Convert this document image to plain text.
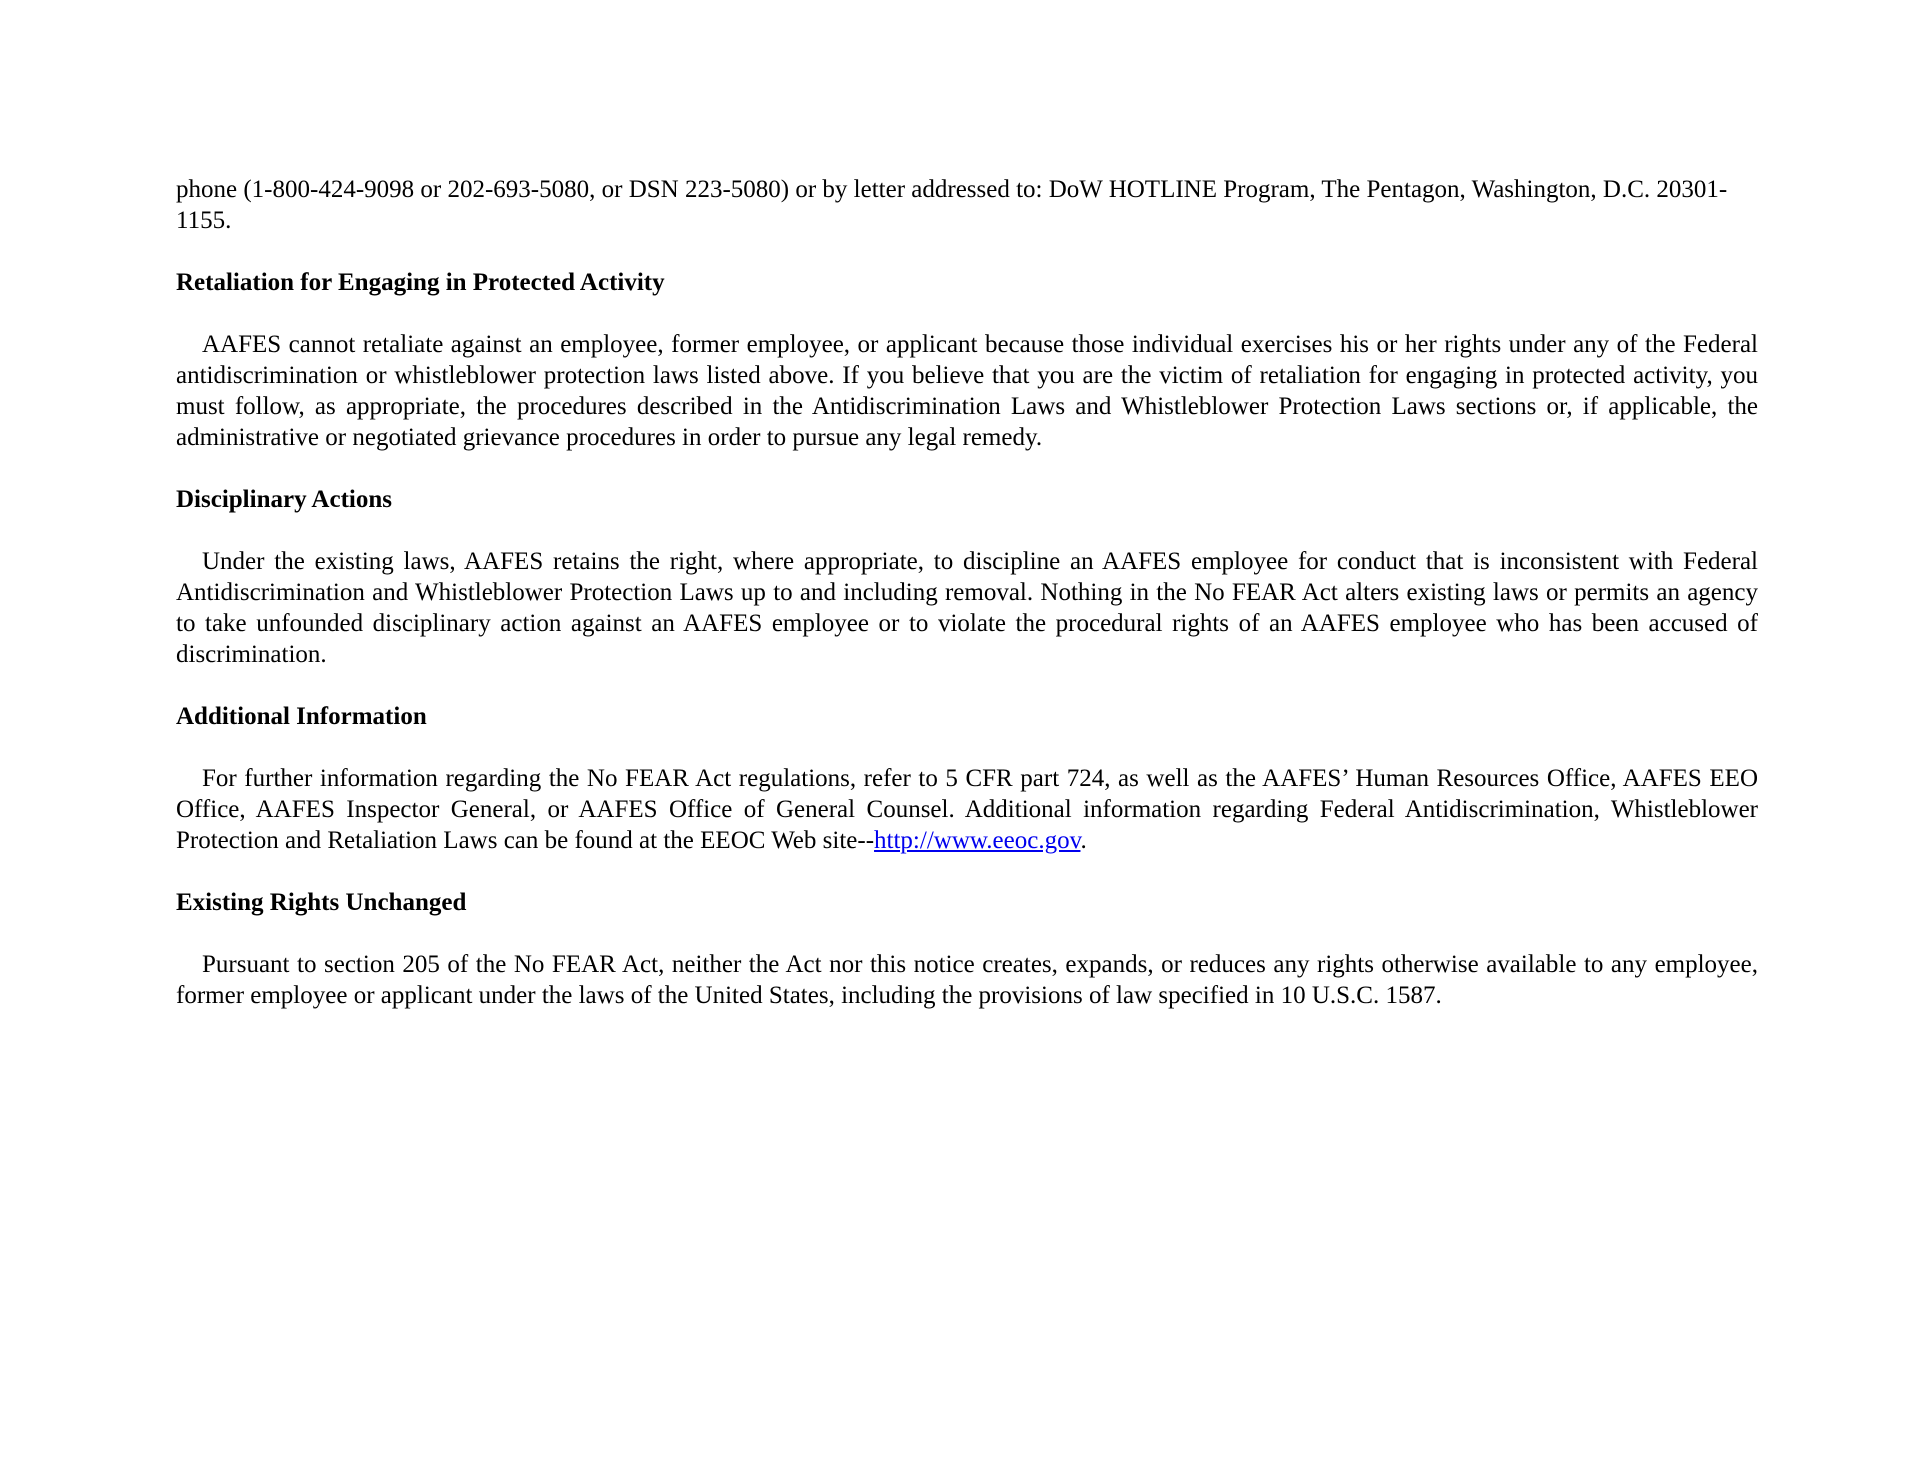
phone (1-800-424-9098 or 202-693-5080, or DSN 223-5080) or by letter addressed to: DoW HOTLINE Program, The Pentagon, Washington, D.C. 20301-1155.

Retaliation for Engaging in Protected Activity

AAFES cannot retaliate against an employee, former employee, or applicant because those individual exercises his or her rights under any of the Federal antidiscrimination or whistleblower protection laws listed above. If you believe that you are the victim of retaliation for engaging in protected activity, you must follow, as appropriate, the procedures described in the Antidiscrimination Laws and Whistleblower Protection Laws sections or, if applicable, the administrative or negotiated grievance procedures in order to pursue any legal remedy.

Disciplinary Actions

Under the existing laws, AAFES retains the right, where appropriate, to discipline an AAFES employee for conduct that is inconsistent with Federal Antidiscrimination and Whistleblower Protection Laws up to and including removal. Nothing in the No FEAR Act alters existing laws or permits an agency to take unfounded disciplinary action against an AAFES employee or to violate the procedural rights of an AAFES employee who has been accused of discrimination.

Additional Information

For further information regarding the No FEAR Act regulations, refer to 5 CFR part 724, as well as the AAFES’ Human Resources Office, AAFES EEO Office, AAFES Inspector General, or AAFES Office of General Counsel. Additional information regarding Federal Antidiscrimination, Whistleblower Protection and Retaliation Laws can be found at the EEOC Web site--http://www.eeoc.gov.

Existing Rights Unchanged

Pursuant to section 205 of the No FEAR Act, neither the Act nor this notice creates, expands, or reduces any rights otherwise available to any employee, former employee or applicant under the laws of the United States, including the provisions of law specified in 10 U.S.C. 1587.
